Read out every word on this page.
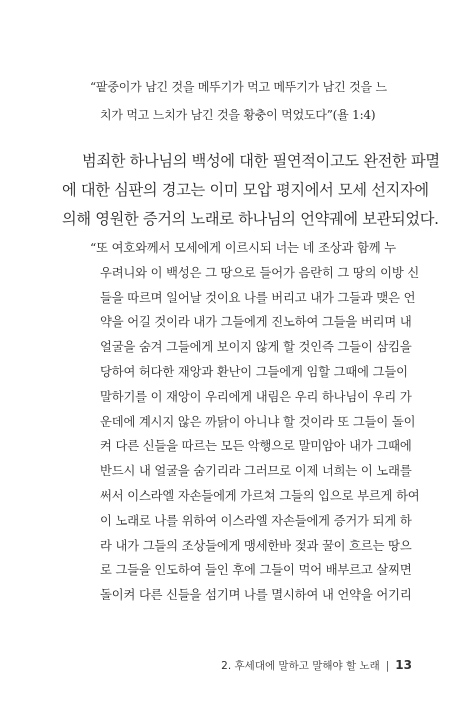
“팥중이가 남긴 것을 메뚜기가 먹고 메뚜기가 남긴 것을 느
치가 먹고 느치가 남긴 것을 황충이 먹었도다”(욜 1:4)
범죄한 하나님의 백성에 대한 필연적이고도 완전한 파멸
에 대한 심판의 경고는 이미 모압 평지에서 모세 선지자에
의해 영원한 증거의 노래로 하나님의 언약궤에 보관되었다.
“또 여호와께서 모세에게 이르시되 너는 네 조상과 함께 누
우려니와 이 백성은 그 땅으로 들어가 음란히 그 땅의 이방 신
들을 따르며 일어날 것이요 나를 버리고 내가 그들과 맺은 언
약을 어길 것이라 내가 그들에게 진노하여 그들을 버리며 내
얼굴을 숨겨 그들에게 보이지 않게 할 것인즉 그들이 삼킴을
당하여 허다한 재앙과 환난이 그들에게 임할 그때에 그들이
말하기를 이 재앙이 우리에게 내림은 우리 하나님이 우리 가
운데에 계시지 않은 까닭이 아니냐 할 것이라 또 그들이 돌이
켜 다른 신들을 따르는 모든 악행으로 말미암아 내가 그때에
반드시 내 얼굴을 숨기리라 그러므로 이제 너희는 이 노래를
써서 이스라엘 자손들에게 가르쳐 그들의 입으로 부르게 하여
이 노래로 나를 위하여 이스라엘 자손들에게 증거가 되게 하
라 내가 그들의 조상들에게 맹세한바 젖과 꿀이 흐르는 땅으
로 그들을 인도하여 들인 후에 그들이 먹어 배부르고 살찌면
돌이켜 다른 신들을 섬기며 나를 멸시하여 내 언약을 어기리
2. 후세대에 말하고 말해야 할 노래 | 13
